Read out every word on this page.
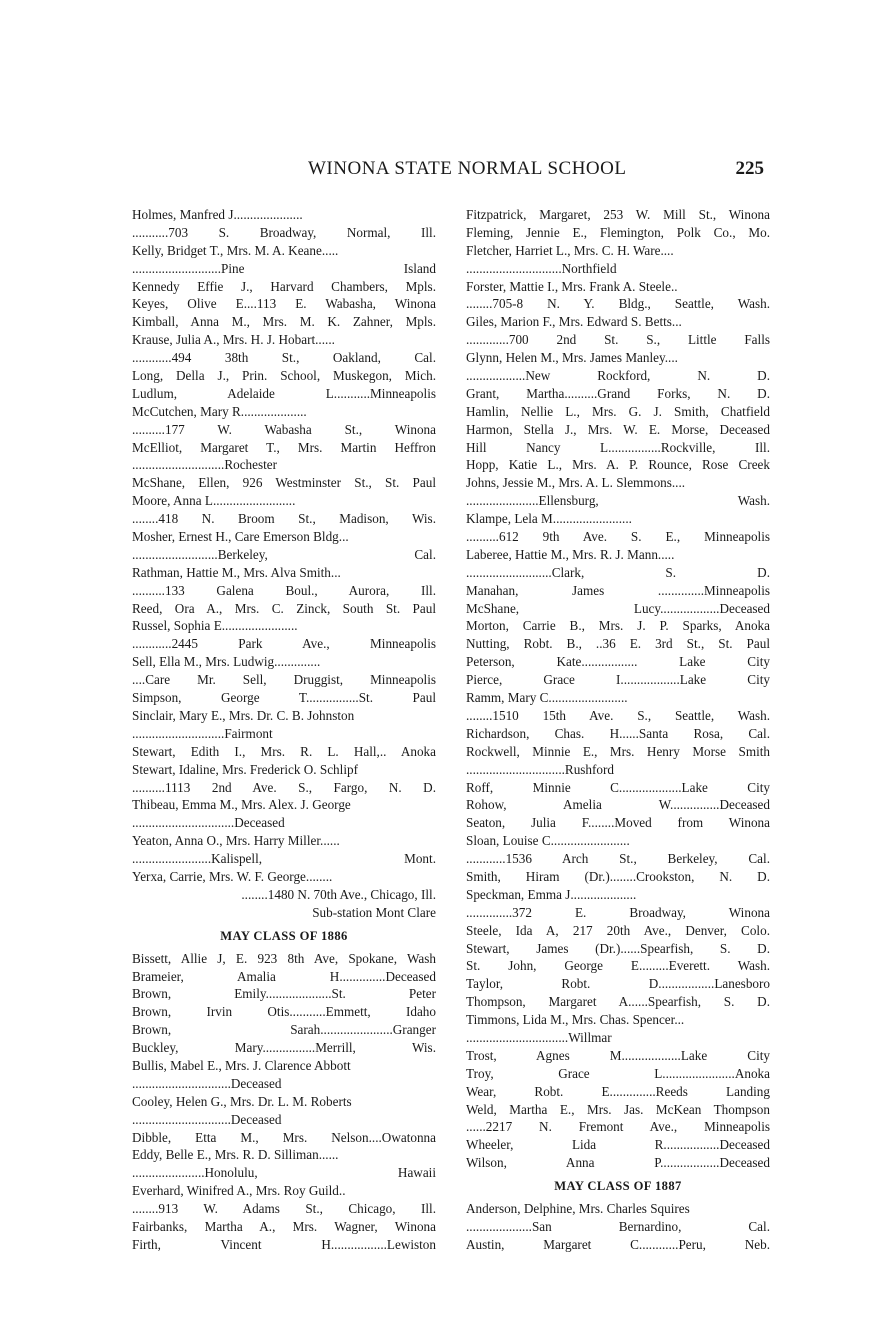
WINONA STATE NORMAL SCHOOL	225
Holmes, Manfred J.....................
...........703 S. Broadway, Normal, Ill.
Kelly, Bridget T., Mrs. M. A. Keane.....
...........................Pine Island
Kennedy Effie J., Harvard Chambers, Mpls.
Keyes, Olive E....113 E. Wabasha, Winona
Kimball, Anna M., Mrs. M. K. Zahner, Mpls.
Krause, Julia A., Mrs. H. J. Hobart......
............494 38th St., Oakland, Cal.
Long, Della J., Prin. School, Muskegon, Mich.
Ludlum, Adelaide L...........Minneapolis
McCutchen, Mary R....................
..........177 W. Wabasha St., Winona
McElliot, Margaret T., Mrs. Martin Heffron
............................Rochester
McShane, Ellen, 926 Westminster St., St. Paul
Moore, Anna L.........................
........418 N. Broom St., Madison, Wis.
Mosher, Ernest H., Care Emerson Bldg...
..........................Berkeley, Cal.
Rathman, Hattie M., Mrs. Alva Smith...
..........133 Galena Boul., Aurora, Ill.
Reed, Ora A., Mrs. C. Zinck, South St. Paul
Russel, Sophia E.......................
............2445 Park Ave., Minneapolis
Sell, Ella M., Mrs. Ludwig..............
....Care Mr. Sell, Druggist, Minneapolis
Simpson, George T................St. Paul
Sinclair, Mary E., Mrs. Dr. C. B. Johnston
............................Fairmont
Stewart, Edith I., Mrs. R. L. Hall,.. Anoka
Stewart, Idaline, Mrs. Frederick O. Schlipf
..........1113 2nd Ave. S., Fargo, N. D.
Thibeau, Emma M., Mrs. Alex. J. George
...............................Deceased
Yeaton, Anna O., Mrs. Harry Miller......
........................Kalispell, Mont.
Yerxa, Carrie, Mrs. W. F. George........
........1480 N. 70th Ave., Chicago, Ill.
Sub-station Mont Clare
MAY CLASS OF 1886
Bissett, Allie J, E. 923 8th Ave, Spokane, Wash
Brameier, Amalia H..............Deceased
Brown, Emily....................St. Peter
Brown, Irvin Otis...........Emmett, Idaho
Brown, Sarah......................Granger
Buckley, Mary................Merrill, Wis.
Bullis, Mabel E., Mrs. J. Clarence Abbott
..............................Deceased
Cooley, Helen G., Mrs. Dr. L. M. Roberts
..............................Deceased
Dibble, Etta M., Mrs. Nelson....Owatonna
Eddy, Belle E., Mrs. R. D. Silliman......
......................Honolulu, Hawaii
Everhard, Winifred A., Mrs. Roy Guild..
........913 W. Adams St., Chicago, Ill.
Fairbanks, Martha A., Mrs. Wagner, Winona
Firth, Vincent H.................Lewiston
Fitzpatrick, Margaret, 253 W. Mill St., Winona
Fleming, Jennie E., Flemington, Polk Co., Mo.
Fletcher, Harriet L., Mrs. C. H. Ware....
.............................Northfield
Forster, Mattie I., Mrs. Frank A. Steele..
........705-8 N. Y. Bldg., Seattle, Wash.
Giles, Marion F., Mrs. Edward S. Betts...
.............700 2nd St. S., Little Falls
Glynn, Helen M., Mrs. James Manley....
..................New Rockford, N. D.
Grant, Martha..........Grand Forks, N. D.
Hamlin, Nellie L., Mrs. G. J. Smith, Chatfield
Harmon, Stella J., Mrs. W. E. Morse, Deceased
Hill Nancy L................Rockville, Ill.
Hopp, Katie L., Mrs. A. P. Rounce, Rose Creek
Johns, Jessie M., Mrs. A. L. Slemmons....
......................Ellensburg, Wash.
Klampe, Lela M........................
..........612 9th Ave. S. E., Minneapolis
Laberee, Hattie M., Mrs. R. J. Mann.....
..........................Clark, S. D.
Manahan, James ..............Minneapolis
McShane, Lucy..................Deceased
Morton, Carrie B., Mrs. J. P. Sparks, Anoka
Nutting, Robt. B., ..36 E. 3rd St., St. Paul
Peterson, Kate................. Lake City
Pierce, Grace I..................Lake City
Ramm, Mary C........................
........1510 15th Ave. S., Seattle, Wash.
Richardson, Chas. H......Santa Rosa, Cal.
Rockwell, Minnie E., Mrs. Henry Morse Smith
..............................Rushford
Roff, Minnie C...................Lake City
Rohow, Amelia W...............Deceased
Seaton, Julia F........Moved from Winona
Sloan, Louise C........................
............1536 Arch St., Berkeley, Cal.
Smith, Hiram (Dr.)........Crookston, N. D.
Speckman, Emma J....................
..............372 E. Broadway, Winona
Steele, Ida A, 217 20th Ave., Denver, Colo.
Stewart, James (Dr.)......Spearfish, S. D.
St. John, George E.........Everett. Wash.
Taylor, Robt. D.................Lanesboro
Thompson, Margaret A......Spearfish, S. D.
Timmons, Lida M., Mrs. Chas. Spencer...
...............................Willmar
Trost, Agnes M..................Lake City
Troy, Grace L......................Anoka
Wear, Robt. E..............Reeds Landing
Weld, Martha E., Mrs. Jas. McKean Thompson
......2217 N. Fremont Ave., Minneapolis
Wheeler, Lida R.................Deceased
Wilson, Anna P..................Deceased
MAY CLASS OF 1887
Anderson, Delphine, Mrs. Charles Squires
....................San Bernardino, Cal.
Austin, Margaret C............Peru, Neb.
